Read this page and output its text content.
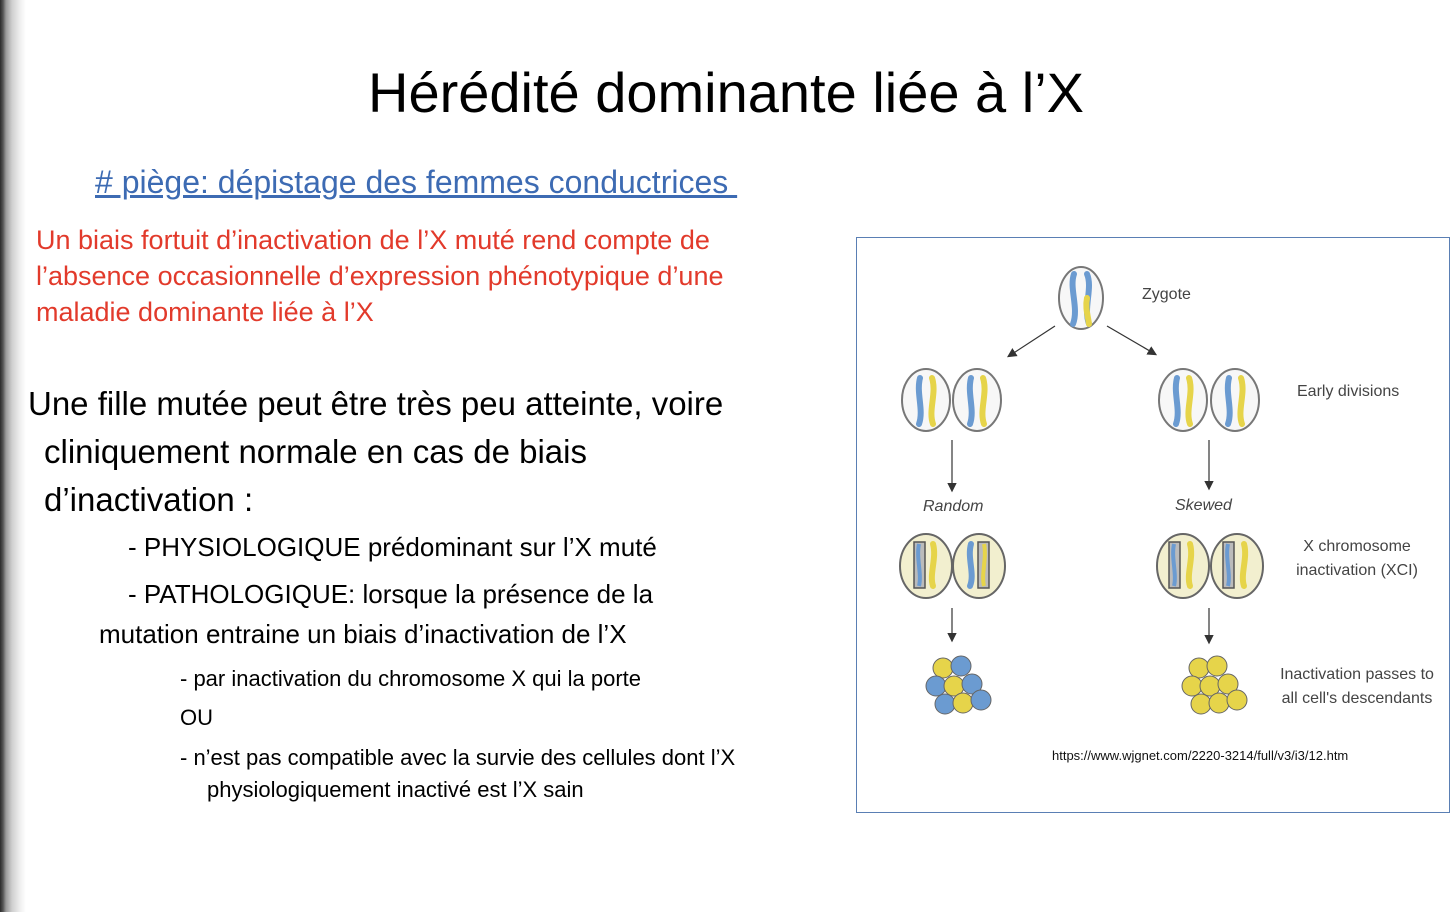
Hérédité dominante liée à l’X
# piège: dépistage des femmes conductrices
Un biais fortuit d’inactivation de l’X muté rend compte de
l’absence occasionnelle d’expression phénotypique d’une
maladie dominante liée à l’X
Une fille mutée peut être très peu atteinte, voire
cliniquement normale en cas de biais
d’inactivation :
- PHYSIOLOGIQUE prédominant sur l’X muté
- PATHOLOGIQUE: lorsque la présence de la
mutation entraine un biais d’inactivation de l’X
- par inactivation du chromosome X qui la porte
OU
- n’est pas compatible avec la survie des cellules dont l’X
physiologiquement inactivé est l’X sain
Zygote
Early divisions
Random	Skewed
X chromosome
inactivation (XCI)
Inactivation passes to
all cell's descendants
https://www.wjgnet.com/2220-3214/full/v3/i3/12.htm
